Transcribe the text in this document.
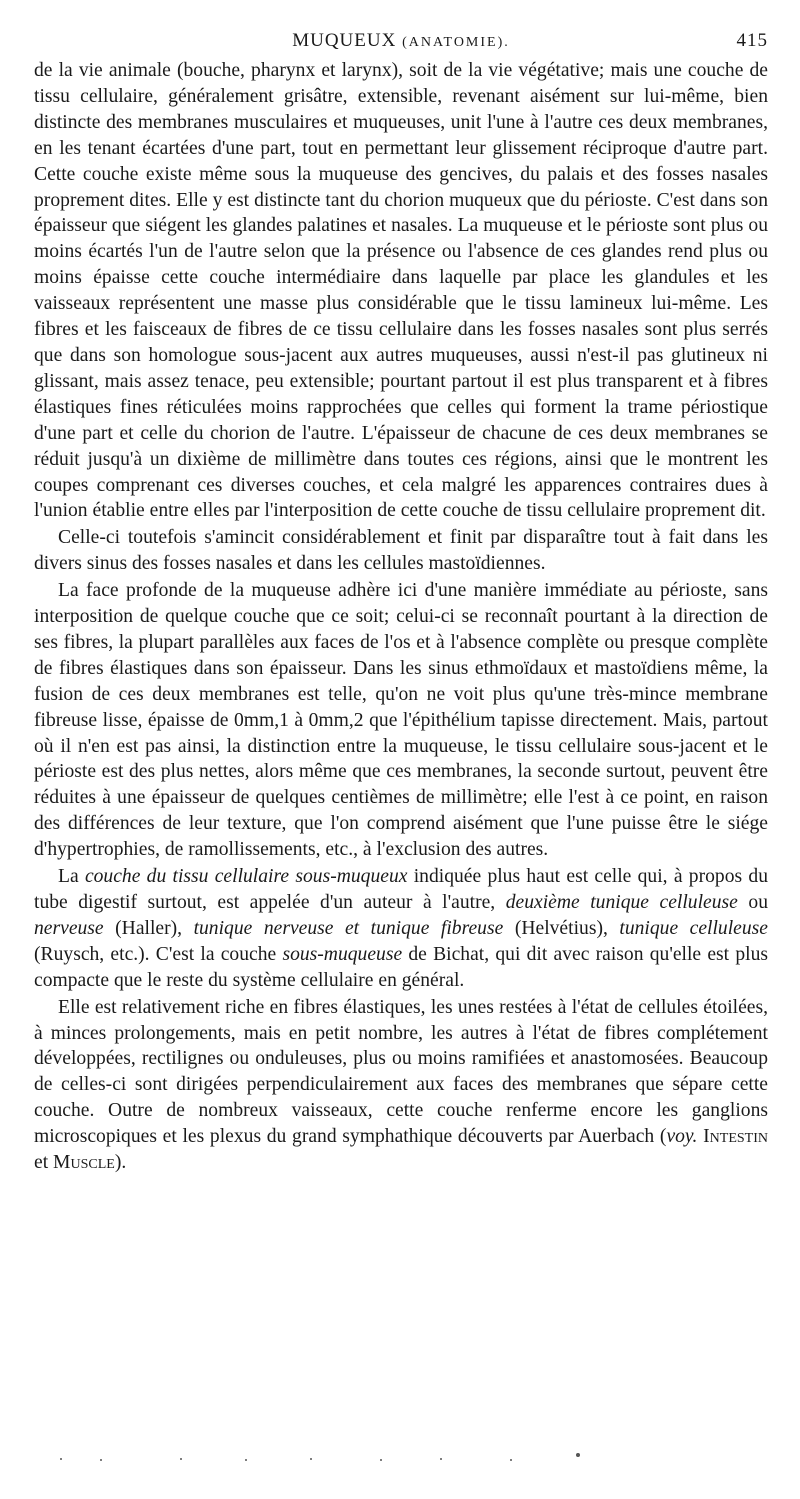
MUQUEUX (ANATOMIE).	415

de la vie animale (bouche, pharynx et larynx), soit de la vie végétative; mais une couche de tissu cellulaire, généralement grisâtre, extensible, revenant aisément sur lui-même, bien distincte des membranes musculaires et muqueuses, unit l'une à l'autre ces deux membranes, en les tenant écartées d'une part, tout en permettant leur glissement réciproque d'autre part. Cette couche existe même sous la muqueuse des gencives, du palais et des fosses nasales proprement dites. Elle y est distincte tant du chorion muqueux que du périoste. C'est dans son épaisseur que siégent les glandes palatines et nasales. La muqueuse et le périoste sont plus ou moins écartés l'un de l'autre selon que la présence ou l'absence de ces glandes rend plus ou moins épaisse cette couche intermédiaire dans laquelle par place les glandules et les vaisseaux représentent une masse plus considérable que le tissu lamineux lui-même. Les fibres et les faisceaux de fibres de ce tissu cellulaire dans les fosses nasales sont plus serrés que dans son homologue sous-jacent aux autres muqueuses, aussi n'est-il pas glutineux ni glissant, mais assez tenace, peu extensible; pourtant partout il est plus transparent et à fibres élastiques fines réticulées moins rapprochées que celles qui forment la trame périostique d'une part et celle du chorion de l'autre. L'épaisseur de chacune de ces deux membranes se réduit jusqu'à un dixième de millimètre dans toutes ces régions, ainsi que le montrent les coupes comprenant ces diverses couches, et cela malgré les apparences contraires dues à l'union établie entre elles par l'interposition de cette couche de tissu cellulaire proprement dit.

Celle-ci toutefois s'amincit considérablement et finit par disparaître tout à fait dans les divers sinus des fosses nasales et dans les cellules mastoïdiennes.

La face profonde de la muqueuse adhère ici d'une manière immédiate au périoste, sans interposition de quelque couche que ce soit; celui-ci se reconnaît pourtant à la direction de ses fibres, la plupart parallèles aux faces de l'os et à l'absence complète ou presque complète de fibres élastiques dans son épaisseur. Dans les sinus ethmoïdaux et mastoïdiens même, la fusion de ces deux membranes est telle, qu'on ne voit plus qu'une très-mince membrane fibreuse lisse, épaisse de 0mm,1 à 0mm,2 que l'épithélium tapisse directement. Mais, partout où il n'en est pas ainsi, la distinction entre la muqueuse, le tissu cellulaire sous-jacent et le périoste est des plus nettes, alors même que ces membranes, la seconde surtout, peuvent être réduites à une épaisseur de quelques centièmes de millimètre; elle l'est à ce point, en raison des différences de leur texture, que l'on comprend aisément que l'une puisse être le siége d'hypertrophies, de ramollissements, etc., à l'exclusion des autres.

La couche du tissu cellulaire sous-muqueux indiquée plus haut est celle qui, à propos du tube digestif surtout, est appelée d'un auteur à l'autre, deuxième tunique celluleuse ou nerveuse (Haller), tunique nerveuse et tunique fibreuse (Helvétius), tunique celluleuse (Ruysch, etc.). C'est la couche sous-muqueuse de Bichat, qui dit avec raison qu'elle est plus compacte que le reste du système cellulaire en général.

Elle est relativement riche en fibres élastiques, les unes restées à l'état de cellules étoilées, à minces prolongements, mais en petit nombre, les autres à l'état de fibres complétement développées, rectilignes ou onduleuses, plus ou moins ramifiées et anastomosées. Beaucoup de celles-ci sont dirigées perpendiculairement aux faces des membranes que sépare cette couche. Outre de nombreux vaisseaux, cette couche renferme encore les ganglions microscopiques et les plexus du grand symphathique découverts par Auerbach (voy. Intestin et Muscle).
